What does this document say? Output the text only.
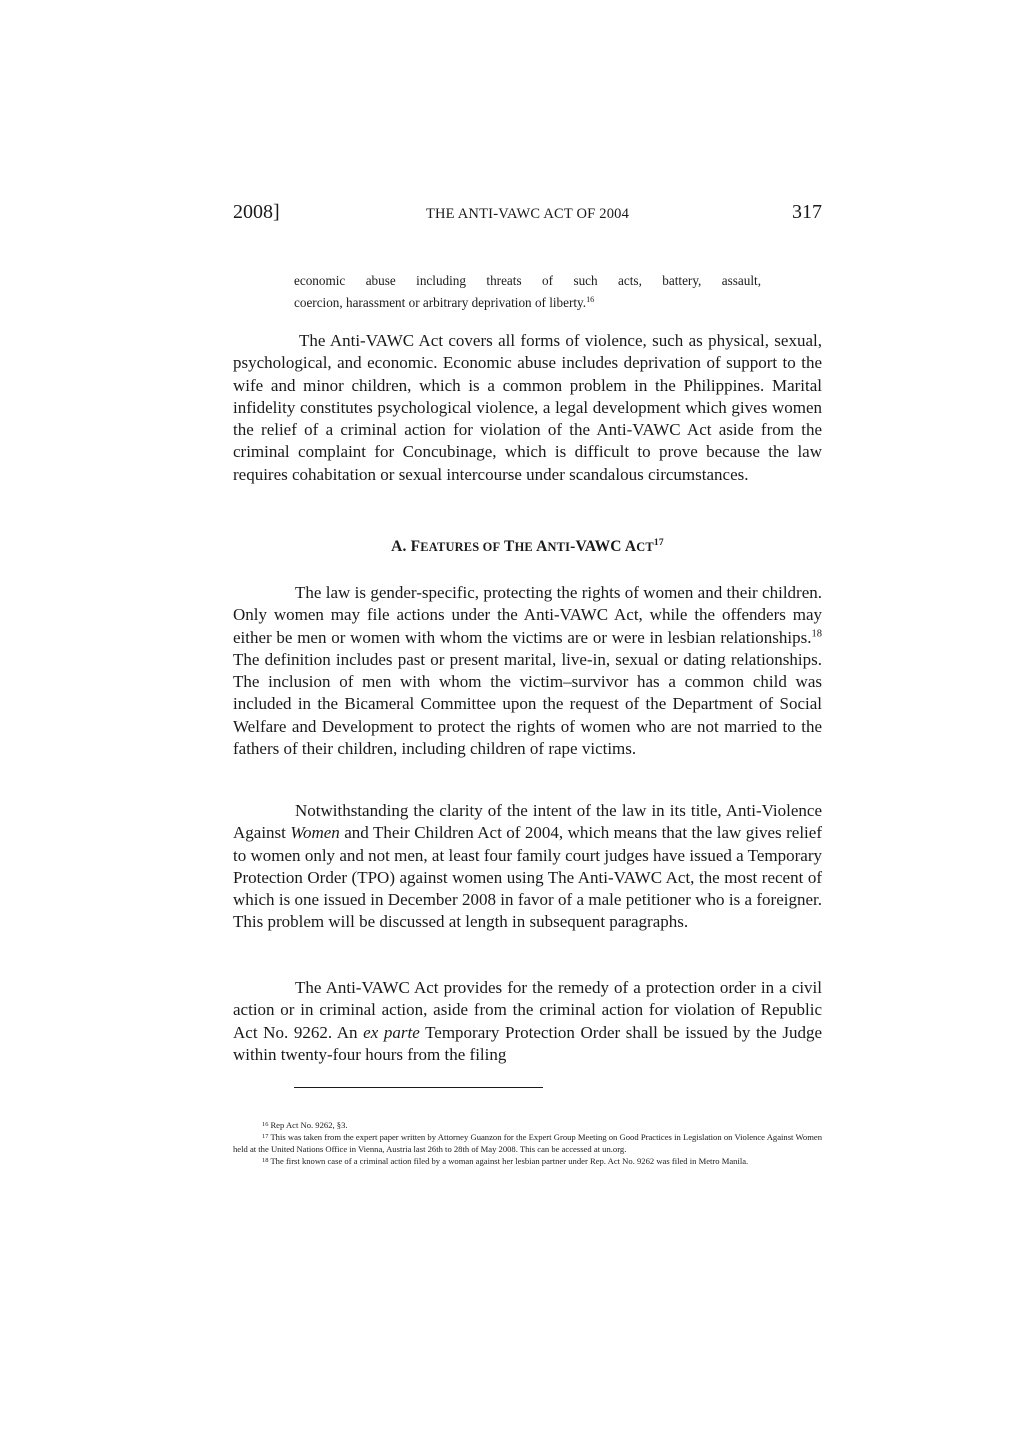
2008]	THE ANTI-VAWC ACT OF 2004	317

economic abuse including threats of such acts, battery, assault,

coercion, harassment or arbitrary deprivation of liberty.$^{16}$

The Anti-VAWC Act covers all forms of violence, such as physical, sexual, psychological, and economic. Economic abuse includes deprivation of support to the wife and minor children, which is a common problem in the Philippines. Marital infidelity constitutes psychological violence, a legal development which gives women the relief of a criminal action for violation of the Anti-VAWC Act aside from the criminal complaint for Concubinage, which is difficult to prove because the law requires cohabitation or sexual intercourse under scandalous circumstances.

A. FEATURES OF THE ANTI-VAWC ACT$^{17}$

The law is gender-specific, protecting the rights of women and their children. Only women may file actions under the Anti-VAWC Act, while the offenders may either be men or women with whom the victims are or were in lesbian relationships.$^{18}$ The definition includes past or present marital, live-in, sexual or dating relationships. The inclusion of men with whom the victim–survivor has a common child was included in the Bicameral Committee upon the request of the Department of Social Welfare and Development to protect the rights of women who are not married to the fathers of their children, including children of rape victims.

Notwithstanding the clarity of the intent of the law in its title, Anti-Violence Against Women and Their Children Act of 2004, which means that the law gives relief to women only and not men, at least four family court judges have issued a Temporary Protection Order (TPO) against women using The Anti-VAWC Act, the most recent of which is one issued in December 2008 in favor of a male petitioner who is a foreigner. This problem will be discussed at length in subsequent paragraphs.

The Anti-VAWC Act provides for the remedy of a protection order in a civil action or in criminal action, aside from the criminal action for violation of Republic Act No. 9262. An ex parte Temporary Protection Order shall be issued by the Judge within twenty-four hours from the filing

$^{16}$ Rep Act No. 9262, §3.

$^{17}$ This was taken from the expert paper written by Attorney Guanzon for the Expert Group Meeting on Good Practices in Legislation on Violence Against Women held at the United Nations Office in Vienna, Austria last 26th to 28th of May 2008. This can be accessed at un.org.

$^{18}$ The first known case of a criminal action filed by a woman against her lesbian partner under Rep. Act No. 9262 was filed in Metro Manila.
